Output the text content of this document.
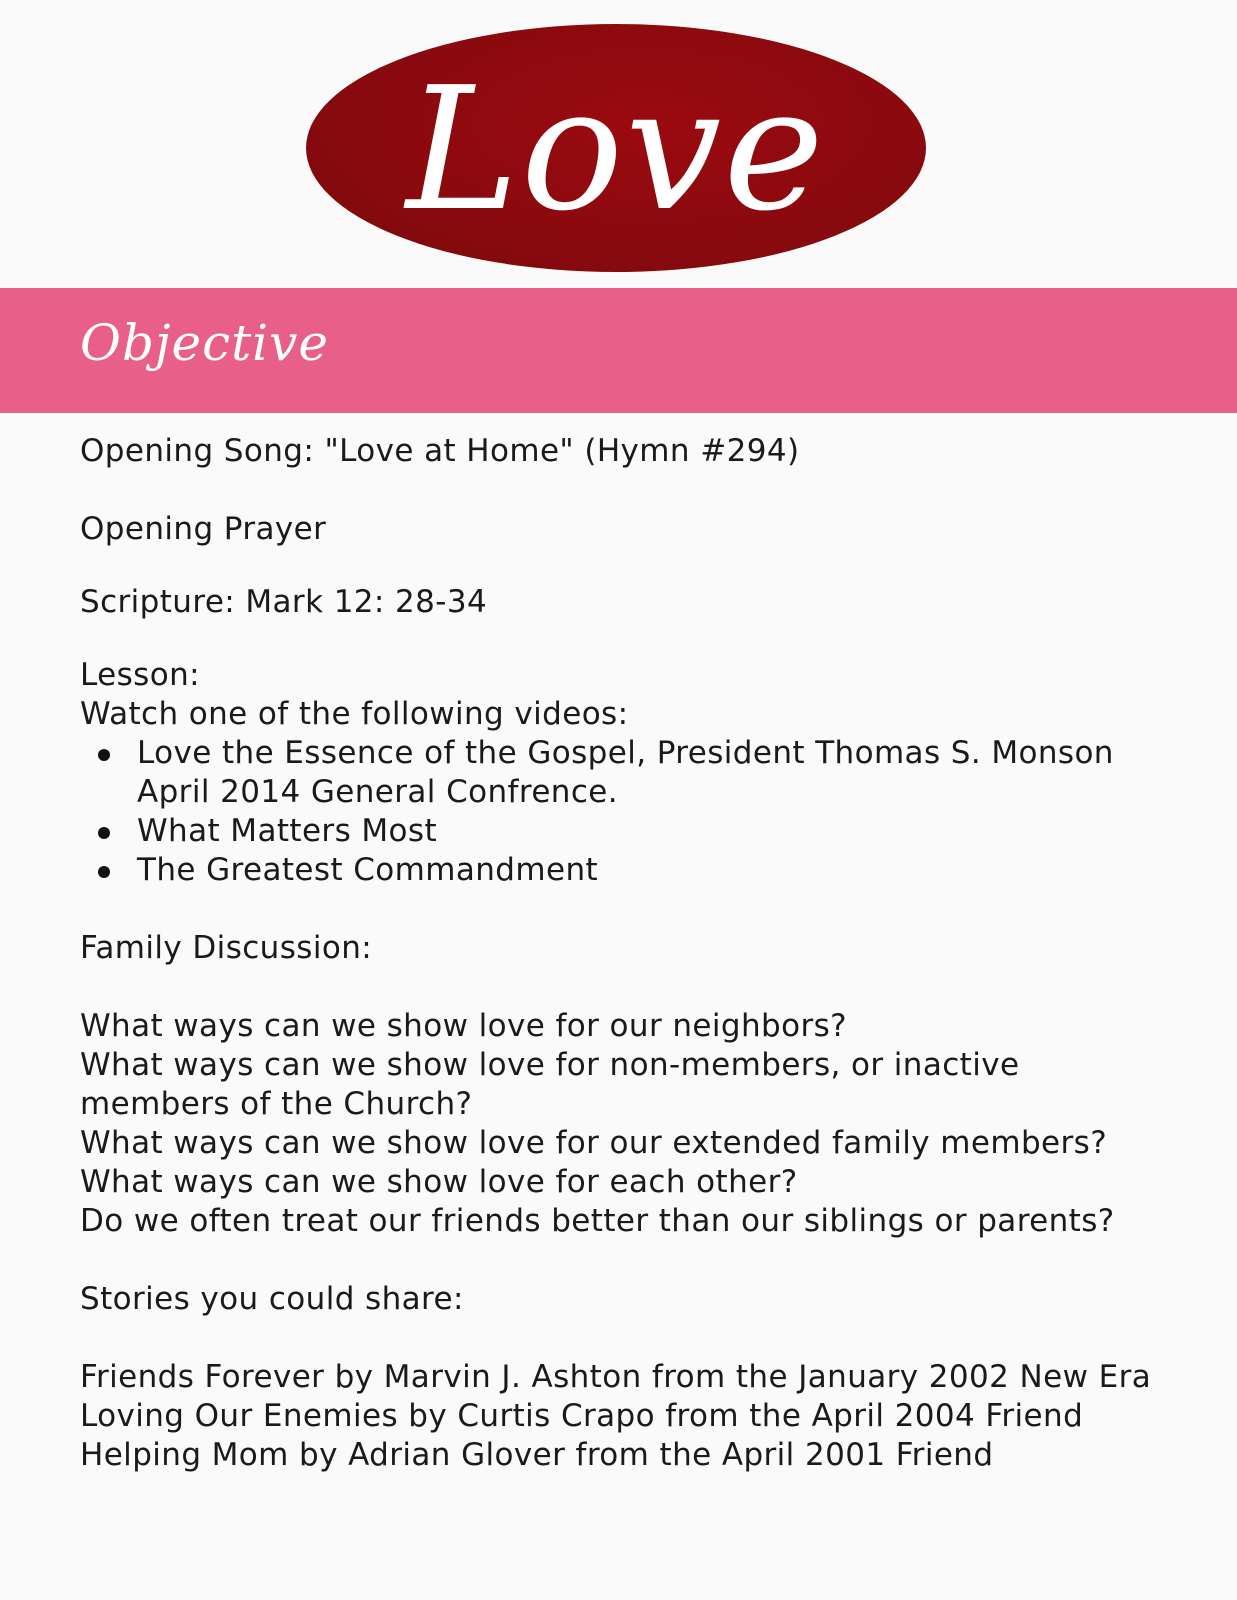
Love
Objective
Opening Song: "Love at Home" (Hymn #294)
Opening Prayer
Scripture: Mark 12: 28-34
Lesson:
Watch one of the following videos:
Love the Essence of the Gospel, President Thomas S. Monson
April 2014 General Confrence.
What Matters Most
The Greatest Commandment
Family Discussion:
What ways can we show love for our neighbors?
What ways can we show love for non-members, or inactive
members of the Church?
What ways can we show love for our extended family members?
What ways can we show love for each other?
Do we often treat our friends better than our siblings or parents?
Stories you could share:
Friends Forever by Marvin J. Ashton from the January 2002 New Era
Loving Our Enemies by Curtis Crapo from the April 2004 Friend
Helping Mom by Adrian Glover from the April 2001 Friend
